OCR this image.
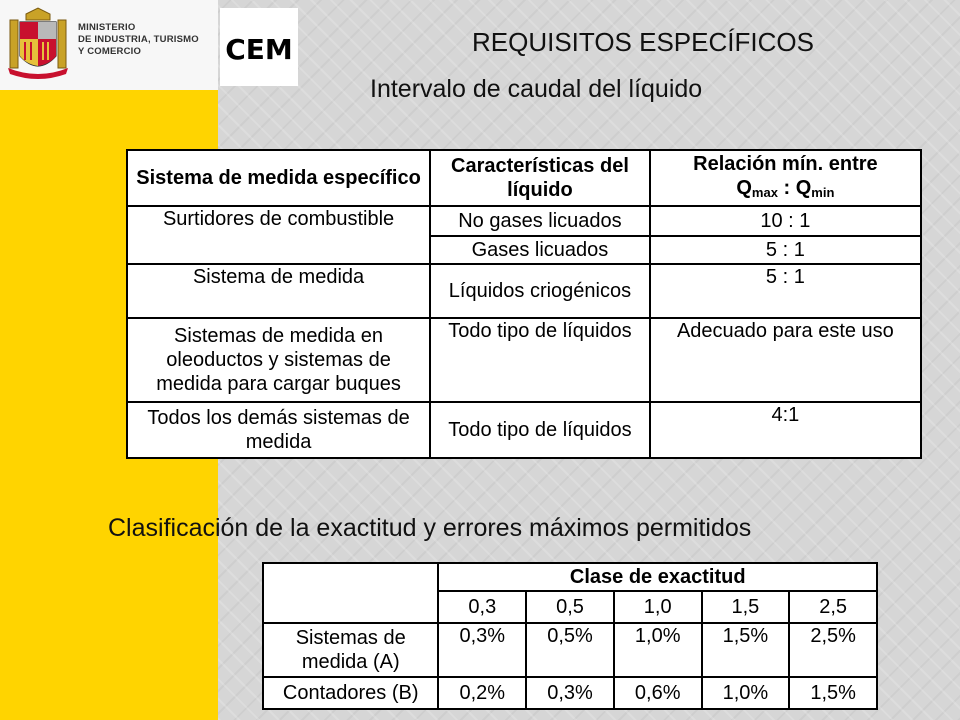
MINISTERIO
DE INDUSTRIA, TURISMO
Y COMERCIO	CEM	REQUISITOS ESPECÍFICOS
Intervalo de caudal del líquido
Sistema de medida específico	Características del líquido	Relación mín. entre
$Q_{max}$ : $Q_{min}$
Surtidores de combustible	No gases licuados	10 : 1
	Gases licuados	5 : 1
Sistema de medida	Líquidos criogénicos	5 : 1
Sistemas de medida en oleoductos y sistemas de medida para cargar buques	Todo tipo de líquidos	Adecuado para este uso
Todos los demás sistemas de medida	Todo tipo de líquidos	4:1
Clasificación de la exactitud y errores máximos permitidos
	Clase de exactitud				
	0,3	0,5	1,0	1,5	2,5
Sistemas de medida (A)	0,3%	0,5%	1,0%	1,5%	2,5%
Contadores (B)	0,2%	0,3%	0,6%	1,0%	1,5%
